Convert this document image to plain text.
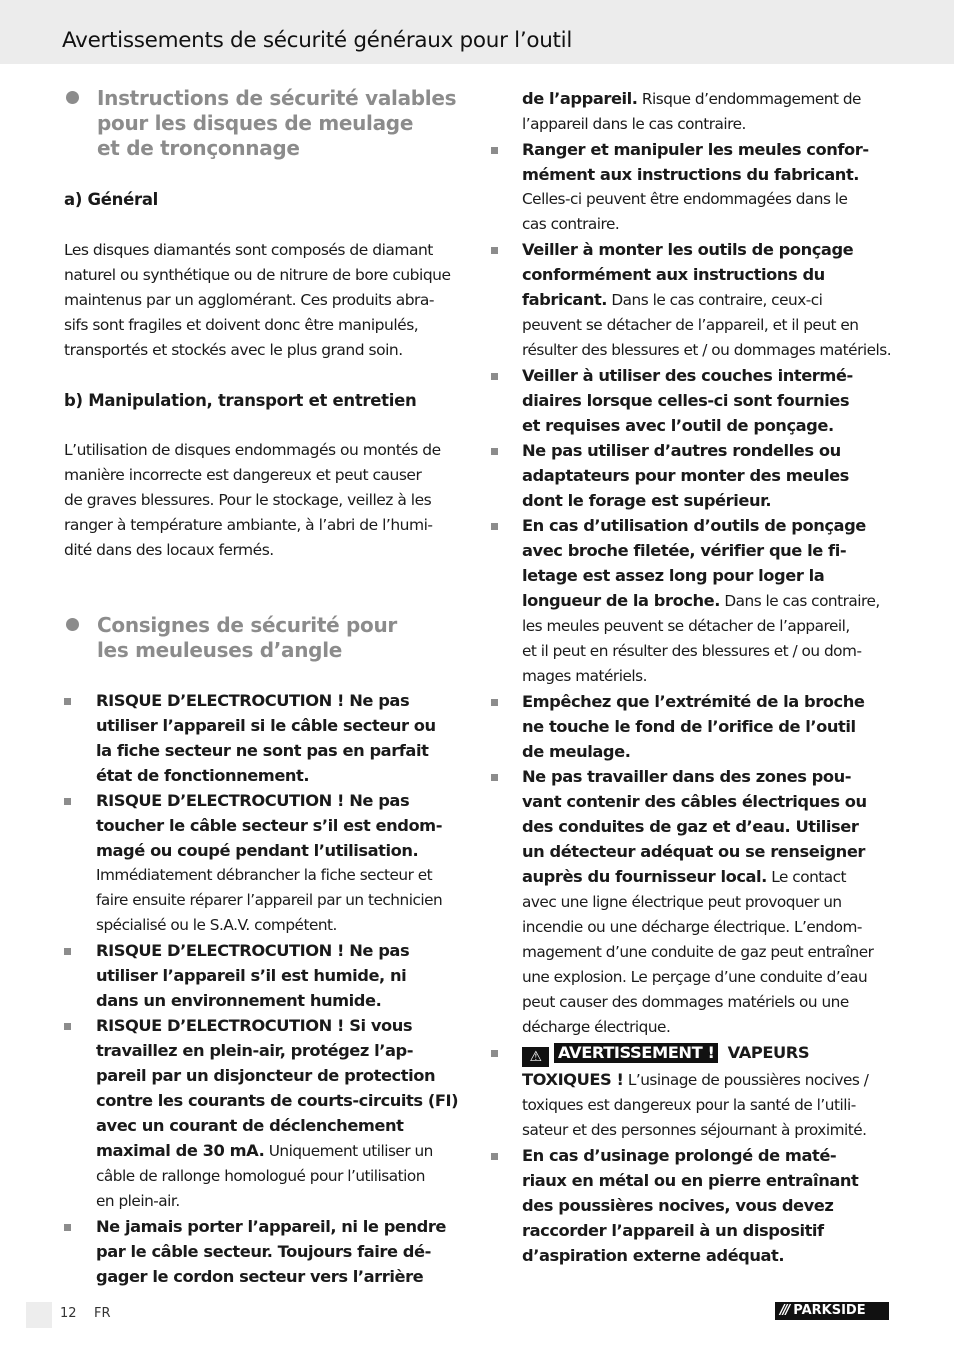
Avertissements de sécurité généraux pour l’outil
Instructions de sécurité valables
pour les disques de meulage
et de tronçonnage
a) Général
Les disques diamantés sont composés de diamant
naturel ou synthétique ou de nitrure de bore cubique
maintenus par un agglomérant. Ces produits abra-
sifs sont fragiles et doivent donc être manipulés,
transportés et stockés avec le plus grand soin.
b) Manipulation, transport et entretien
L’utilisation de disques endommagés ou montés de
manière incorrecte est dangereux et peut causer
de graves blessures. Pour le stockage, veillez à les
ranger à température ambiante, à l’abri de l’humi-
dité dans des locaux fermés.
Consignes de sécurité pour
les meuleuses d’angle
RISQUE D’ELECTROCUTION ! Ne pas
utiliser l’appareil si le câble secteur ou
la fiche secteur ne sont pas en parfait
état de fonctionnement.
RISQUE D’ELECTROCUTION ! Ne pas
toucher le câble secteur s’il est endom-
magé ou coupé pendant l’utilisation.
Immédiatement débrancher la fiche secteur et
faire ensuite réparer l’appareil par un technicien
spécialisé ou le S.A.V. compétent.
RISQUE D’ELECTROCUTION ! Ne pas
utiliser l’appareil s’il est humide, ni
dans un environnement humide.
RISQUE D’ELECTROCUTION ! Si vous
travaillez en plein-air, protégez l’ap-
pareil par un disjoncteur de protection
contre les courants de courts-circuits (FI)
avec un courant de déclenchement
maximal de 30 mA. Uniquement utiliser un
câble de rallonge homologué pour l’utilisation
en plein-air.
Ne jamais porter l’appareil, ni le pendre
par le câble secteur. Toujours faire dé-
gager le cordon secteur vers l’arrière
de l’appareil. Risque d’endommagement de
l’appareil dans le cas contraire.
Ranger et manipuler les meules confor-
mément aux instructions du fabricant.
Celles-ci peuvent être endommagées dans le
cas contraire.
Veiller à monter les outils de ponçage
conformément aux instructions du
fabricant. Dans le cas contraire, ceux-ci
peuvent se détacher de l’appareil, et il peut en
résulter des blessures et / ou dommages matériels.
Veiller à utiliser des couches intermé-
diaires lorsque celles-ci sont fournies
et requises avec l’outil de ponçage.
Ne pas utiliser d’autres rondelles ou
adaptateurs pour monter des meules
dont le forage est supérieur.
En cas d’utilisation d’outils de ponçage
avec broche filetée, vérifier que le fi-
letage est assez long pour loger la
longueur de la broche. Dans le cas contraire,
les meules peuvent se détacher de l’appareil,
et il peut en résulter des blessures et / ou dom-
mages matériels.
Empêchez que l’extrémité de la broche
ne touche le fond de l’orifice de l’outil
de meulage.
Ne pas travailler dans des zones pou-
vant contenir des câbles électriques ou
des conduites de gaz et d’eau. Utiliser
un détecteur adéquat ou se renseigner
auprès du fournisseur local. Le contact
avec une ligne électrique peut provoquer un
incendie ou une décharge électrique. L’endom-
magement d’une conduite de gaz peut entraîner
une explosion. Le perçage d’une conduite d’eau
peut causer des dommages matériels ou une
décharge électrique.
⚠ AVERTISSEMENT ! VAPEURS
TOXIQUES ! L’usinage de poussières nocives /
toxiques est dangereux pour la santé de l’utili-
sateur et des personnes séjournant à proximité.
En cas d’usinage prolongé de maté-
riaux en métal ou en pierre entraînant
des poussières nocives, vous devez
raccorder l’appareil à un dispositif
d’aspiration externe adéquat.
12 FR	/// PARKSIDE
